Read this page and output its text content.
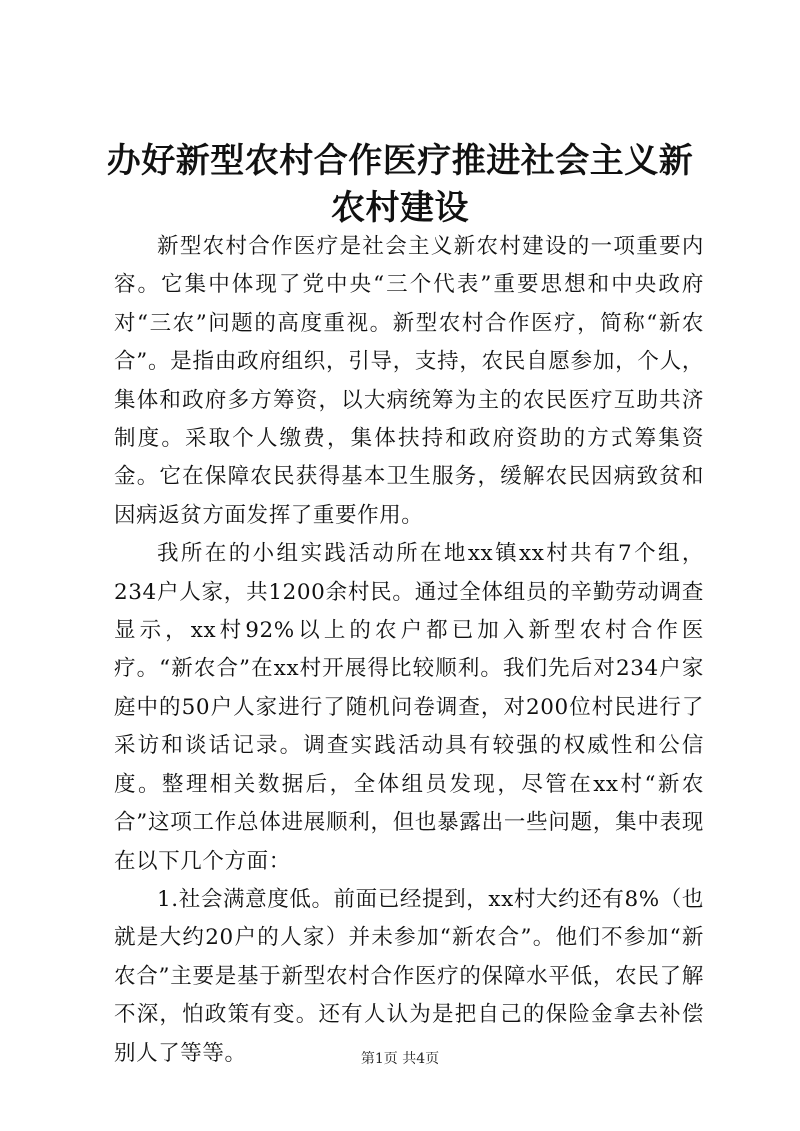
办好新型农村合作医疗推进社会主义新农村建设

新型农村合作医疗是社会主义新农村建设的一项重要内容。它集中体现了党中央“三个代表”重要思想和中央政府对“三农”问题的高度重视。新型农村合作医疗，简称“新农合”。是指由政府组织，引导，支持，农民自愿参加，个人，集体和政府多方筹资，以大病统筹为主的农民医疗互助共济制度。采取个人缴费，集体扶持和政府资助的方式筹集资金。它在保障农民获得基本卫生服务，缓解农民因病致贫和因病返贫方面发挥了重要作用。

我所在的小组实践活动所在地xx镇xx村共有7个组，234户人家，共1200余村民。通过全体组员的辛勤劳动调查显示，xx村92%以上的农户都已加入新型农村合作医疗。“新农合”在xx村开展得比较顺利。我们先后对234户家庭中的50户人家进行了随机问卷调查，对200位村民进行了采访和谈话记录。调查实践活动具有较强的权威性和公信度。整理相关数据后，全体组员发现，尽管在xx村“新农合”这项工作总体进展顺利，但也暴露出一些问题，集中表现在以下几个方面：

1.社会满意度低。前面已经提到，xx村大约还有8%（也就是大约20户的人家）并未参加“新农合”。他们不参加“新农合”主要是基于新型农村合作医疗的保障水平低，农民了解不深，怕政策有变。还有人认为是把自己的保险金拿去补偿别人了等等。	第1页 共4页
